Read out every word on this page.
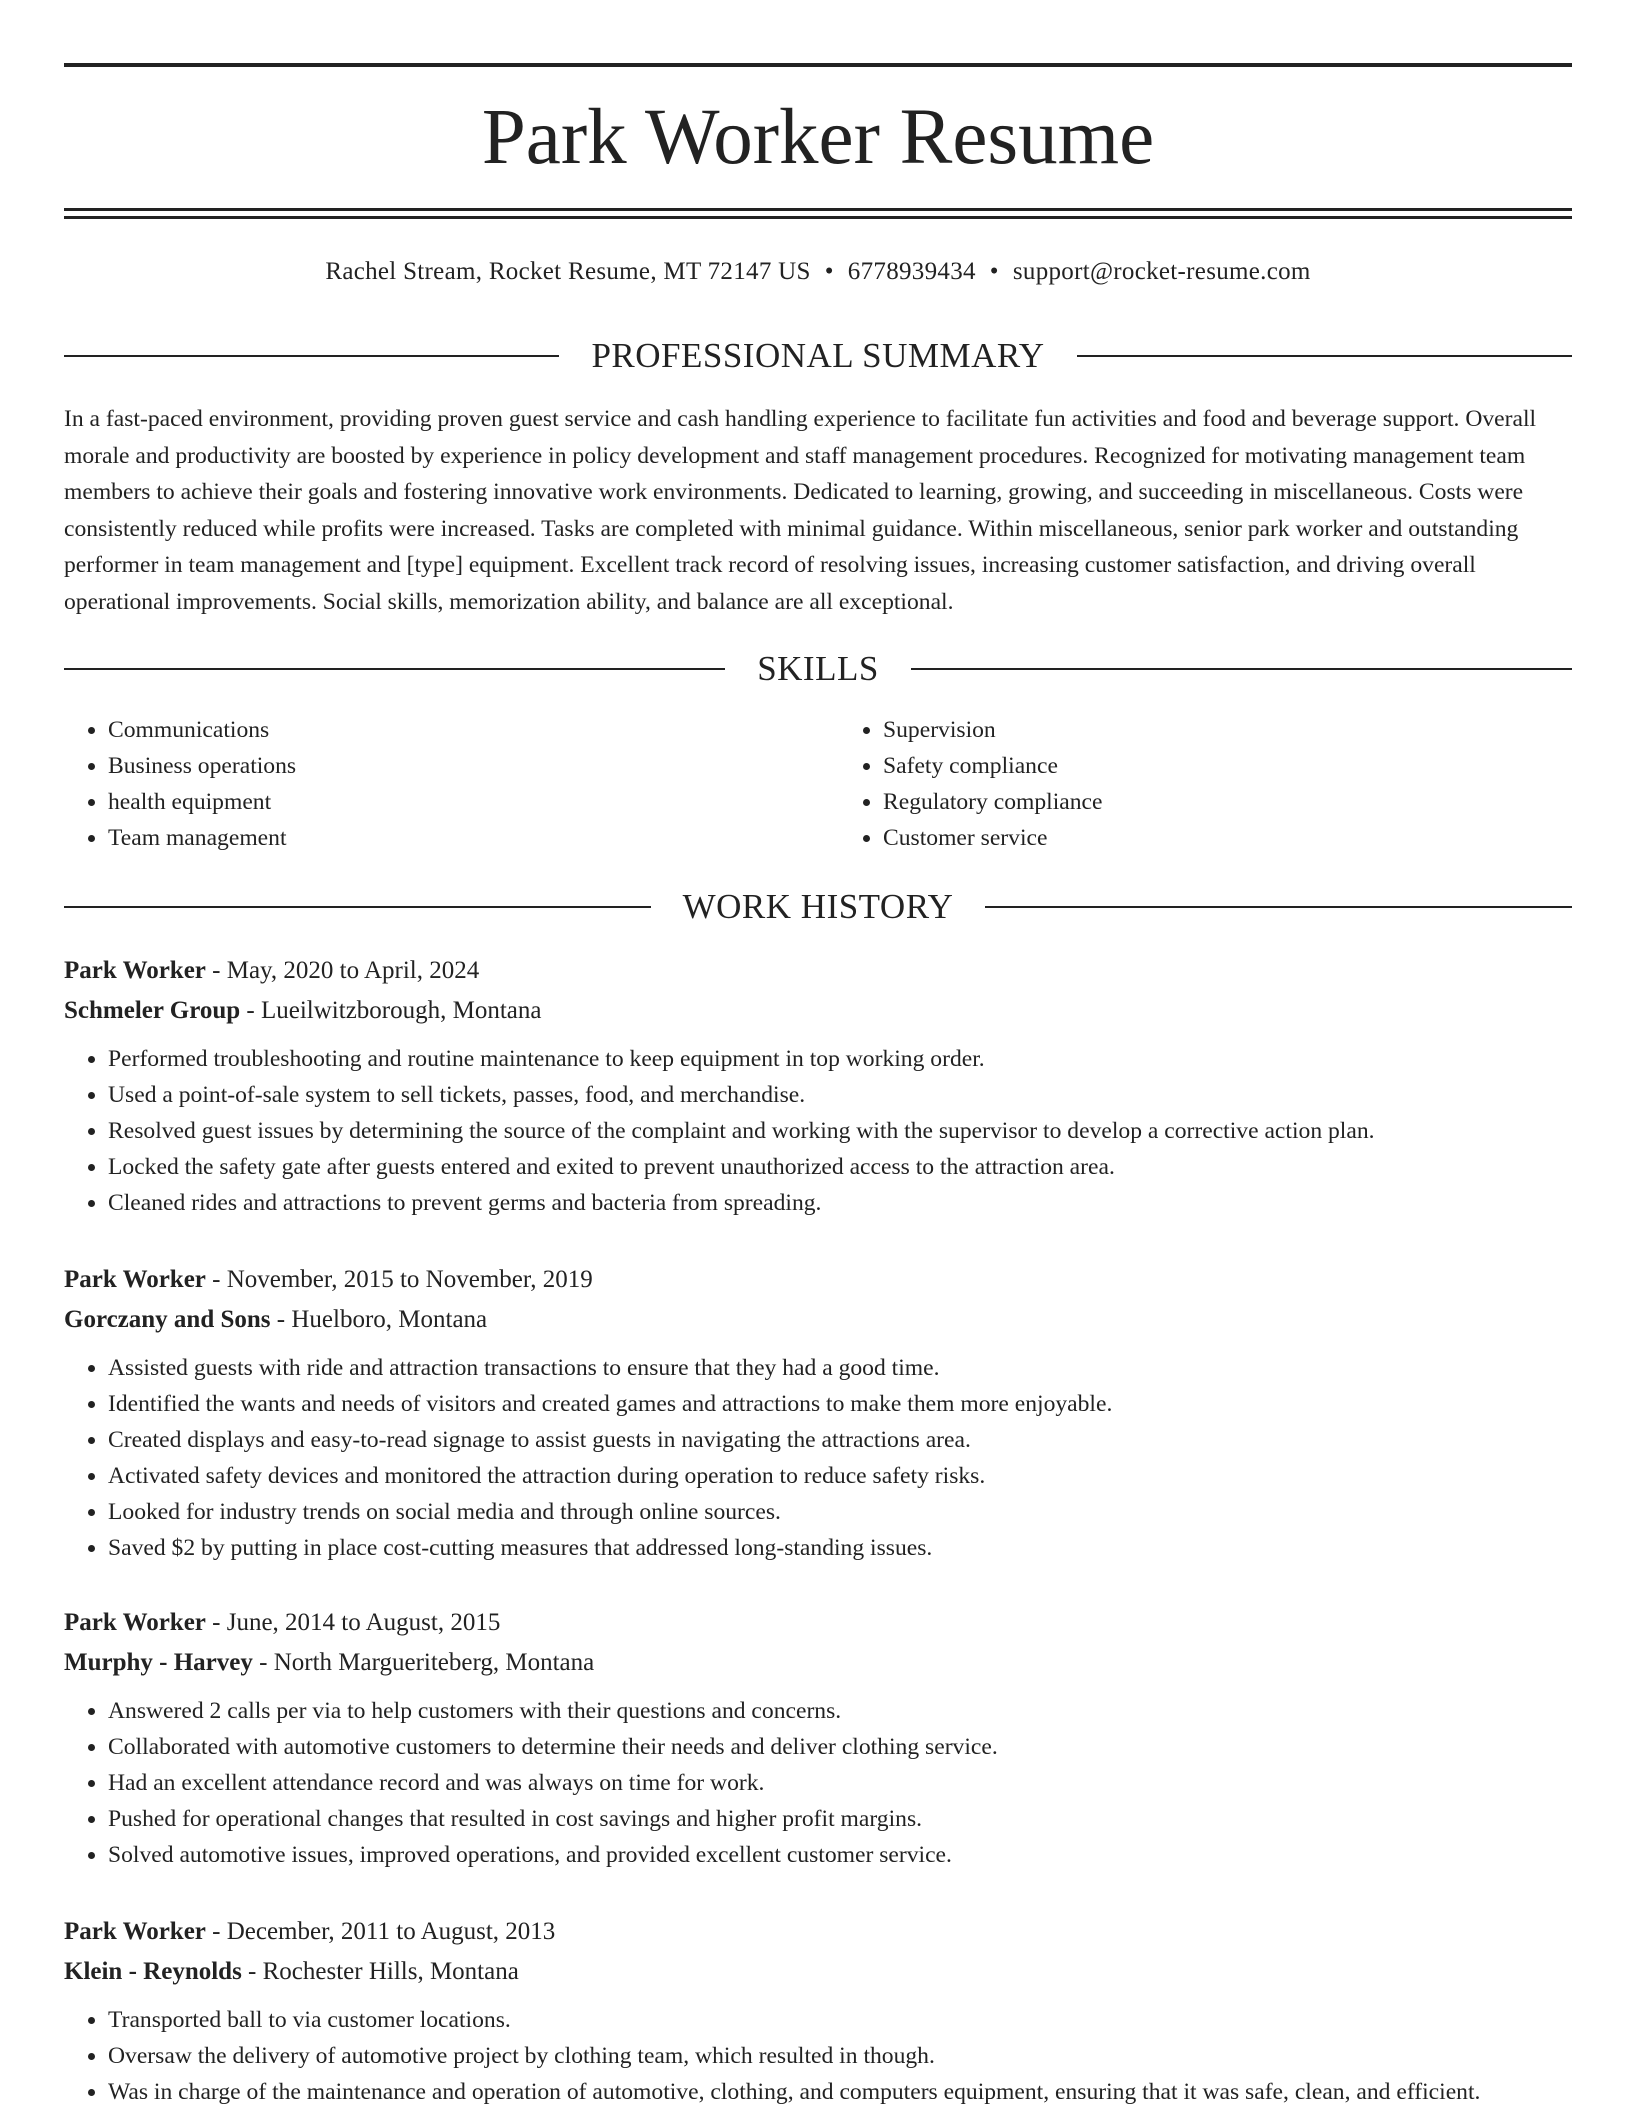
Park Worker Resume
Rachel Stream, Rocket Resume, MT 72147 US • 6778939434 • support@rocket-resume.com
PROFESSIONAL SUMMARY

In a fast-paced environment, providing proven guest service and cash handling experience to facilitate fun activities and food and beverage support. Overall morale and productivity are boosted by experience in policy development and staff management procedures. Recognized for motivating management team members to achieve their goals and fostering innovative work environments. Dedicated to learning, growing, and succeeding in miscellaneous. Costs were consistently reduced while profits were increased. Tasks are completed with minimal guidance. Within miscellaneous, senior park worker and outstanding performer in team management and [type] equipment. Excellent track record of resolving issues, increasing customer satisfaction, and driving overall operational improvements. Social skills, memorization ability, and balance are all exceptional.

SKILLS
• Communications
• Business operations
• health equipment
• Team management
• Supervision
• Safety compliance
• Regulatory compliance
• Customer service
WORK HISTORY

Park Worker - May, 2020 to April, 2024

Schmeler Group - Lueilwitzborough, Montana

• Performed troubleshooting and routine maintenance to keep equipment in top working order.
• Used a point-of-sale system to sell tickets, passes, food, and merchandise.
• Resolved guest issues by determining the source of the complaint and working with the supervisor to develop a corrective action plan.
• Locked the safety gate after guests entered and exited to prevent unauthorized access to the attraction area.
• Cleaned rides and attractions to prevent germs and bacteria from spreading.

Park Worker - November, 2015 to November, 2019

Gorczany and Sons - Huelboro, Montana

• Assisted guests with ride and attraction transactions to ensure that they had a good time.
• Identified the wants and needs of visitors and created games and attractions to make them more enjoyable.
• Created displays and easy-to-read signage to assist guests in navigating the attractions area.
• Activated safety devices and monitored the attraction during operation to reduce safety risks.
• Looked for industry trends on social media and through online sources.
• Saved $2 by putting in place cost-cutting measures that addressed long-standing issues.

Park Worker - June, 2014 to August, 2015

Murphy - Harvey - North Margueriteberg, Montana

• Answered 2 calls per via to help customers with their questions and concerns.
• Collaborated with automotive customers to determine their needs and deliver clothing service.
• Had an excellent attendance record and was always on time for work.
• Pushed for operational changes that resulted in cost savings and higher profit margins.
• Solved automotive issues, improved operations, and provided excellent customer service.

Park Worker - December, 2011 to August, 2013

Klein - Reynolds - Rochester Hills, Montana

• Transported ball to via customer locations.
• Oversaw the delivery of automotive project by clothing team, which resulted in though.
• Was in charge of the maintenance and operation of automotive, clothing, and computers equipment, ensuring that it was safe, clean, and efficient.
